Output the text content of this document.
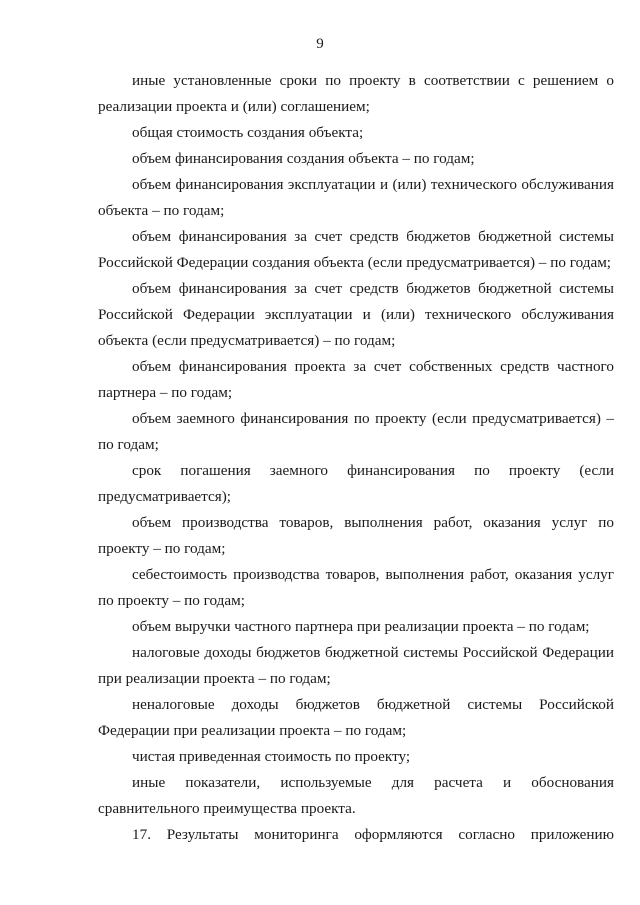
9

иные установленные сроки по проекту в соответствии с решением о реализации проекта и (или) соглашением;

общая стоимость создания объекта;

объем финансирования создания объекта – по годам;

объем финансирования эксплуатации и (или) технического обслуживания объекта – по годам;

объем финансирования за счет средств бюджетов бюджетной системы Российской Федерации создания объекта (если предусматривается) – по годам;

объем финансирования за счет средств бюджетов бюджетной системы Российской Федерации эксплуатации и (или) технического обслуживания объекта (если предусматривается) – по годам;

объем финансирования проекта за счет собственных средств частного партнера – по годам;

объем заемного финансирования по проекту (если предусматривается) – по годам;

срок погашения заемного финансирования по проекту (если предусматривается);

объем производства товаров, выполнения работ, оказания услуг по проекту – по годам;

себестоимость производства товаров, выполнения работ, оказания услуг по проекту – по годам;

объем выручки частного партнера при реализации проекта – по годам;

налоговые доходы бюджетов бюджетной системы Российской Федерации при реализации проекта – по годам;

неналоговые доходы бюджетов бюджетной системы Российской Федерации при реализации проекта – по годам;

чистая приведенная стоимость по проекту;

иные показатели, используемые для расчета и обоснования сравнительного преимущества проекта.

17. Результаты мониторинга оформляются согласно приложению
